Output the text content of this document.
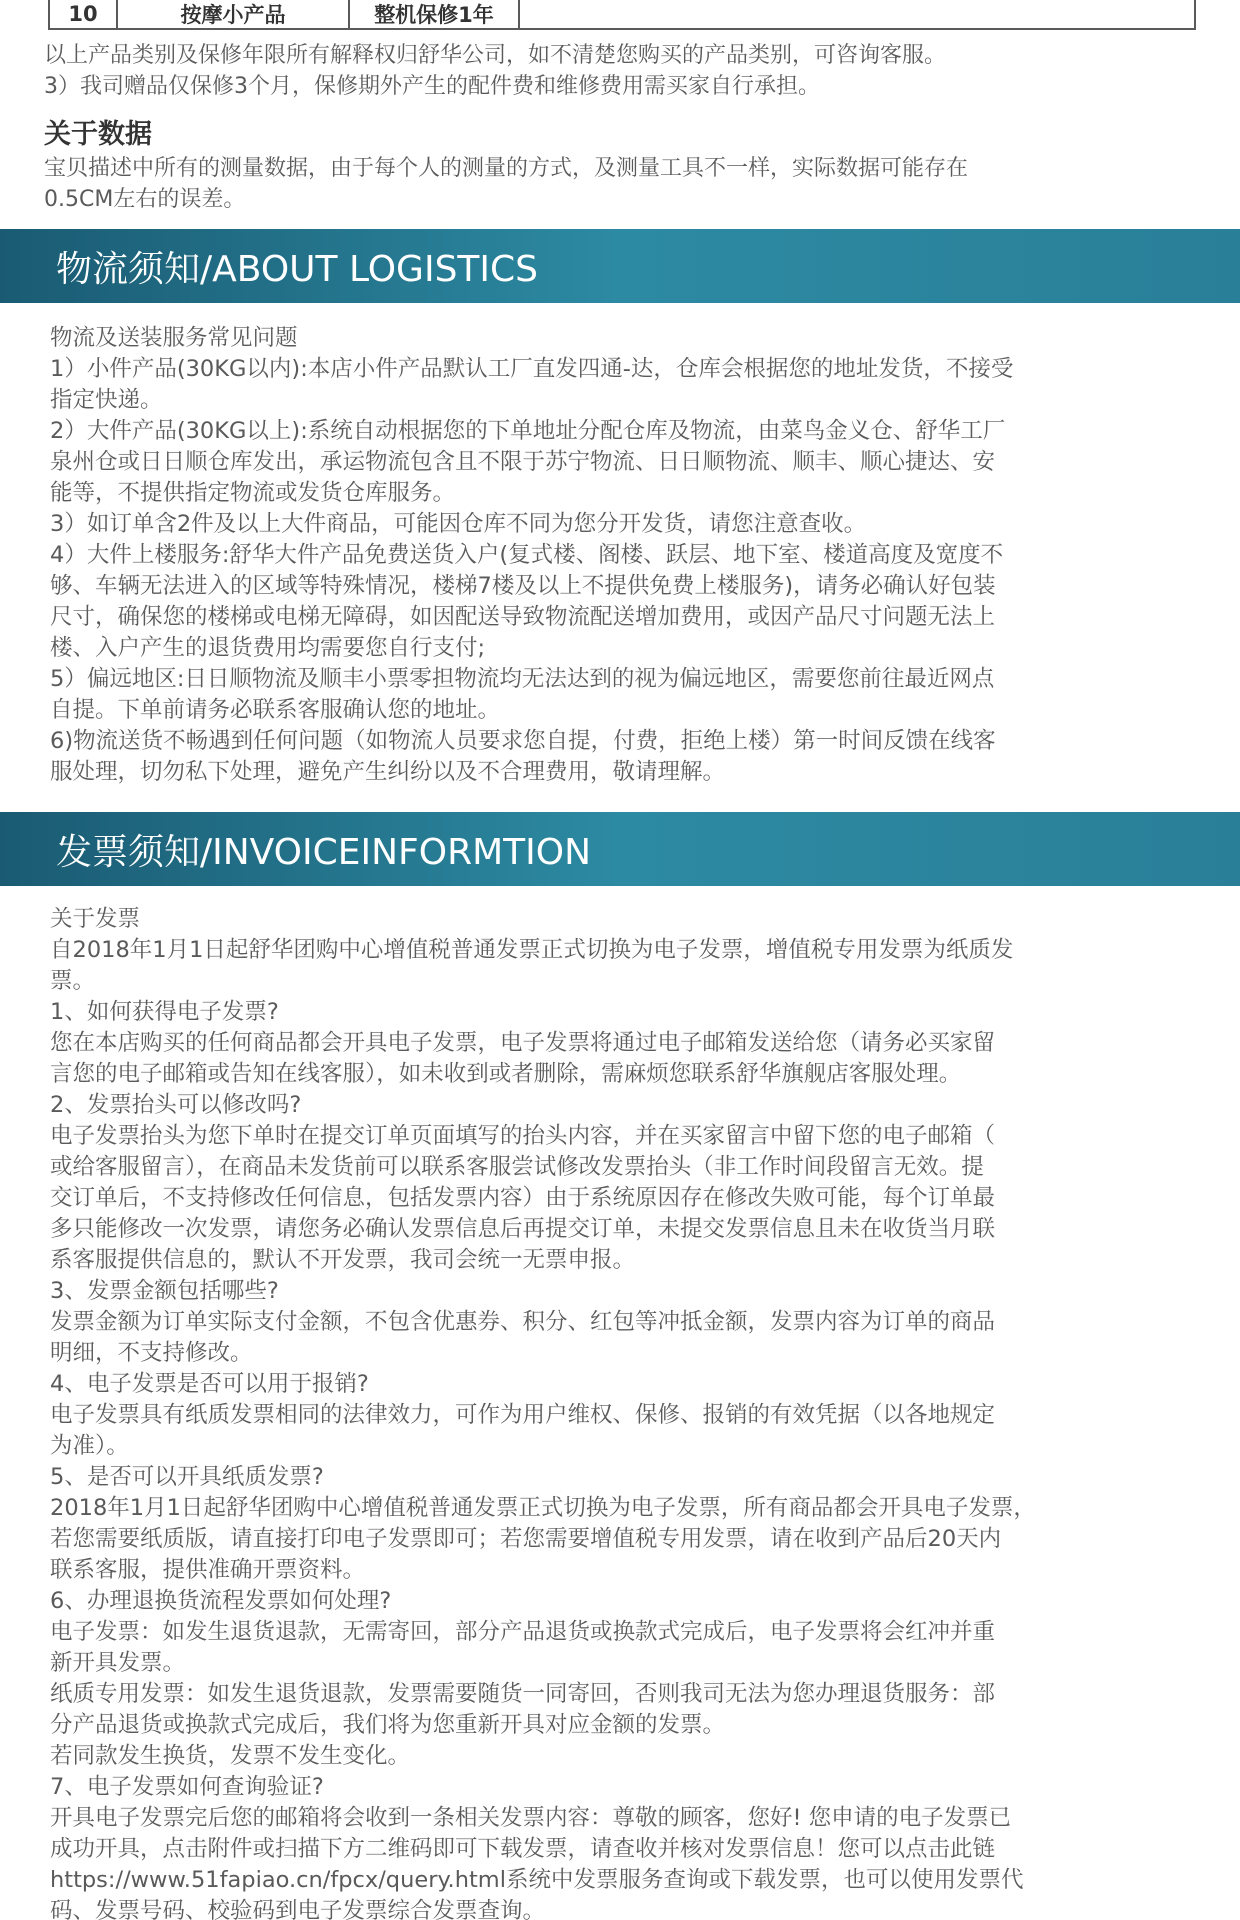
10	按摩小产品	整机保修1年
以上产品类别及保修年限所有解释权归舒华公司，如不清楚您购买的产品类别，可咨询客服。
3）我司赠品仅保修3个月，保修期外产生的配件费和维修费用需买家自行承担。
关于数据
宝贝描述中所有的测量数据，由于每个人的测量的方式，及测量工具不一样，实际数据可能存在
0.5CM左右的误差。
物流须知/ABOUT LOGISTICS
物流及送装服务常见问题
1）小件产品(30KG以内):本店小件产品默认工厂直发四通-达，仓库会根据您的地址发货，不接受
指定快递。
2）大件产品(30KG以上):系统自动根据您的下单地址分配仓库及物流，由菜鸟金义仓、舒华工厂
泉州仓或日日顺仓库发出，承运物流包含且不限于苏宁物流、日日顺物流、顺丰、顺心捷达、安
能等，不提供指定物流或发货仓库服务。
3）如订单含2件及以上大件商品，可能因仓库不同为您分开发货，请您注意查收。
4）大件上楼服务:舒华大件产品免费送货入户(复式楼、阁楼、跃层、地下室、楼道高度及宽度不
够、车辆无法进入的区域等特殊情况，楼梯7楼及以上不提供免费上楼服务)，请务必确认好包装
尺寸，确保您的楼梯或电梯无障碍，如因配送导致物流配送增加费用，或因产品尺寸问题无法上
楼、入户产生的退货费用均需要您自行支付;
5）偏远地区:日日顺物流及顺丰小票零担物流均无法达到的视为偏远地区，需要您前往最近网点
自提。下单前请务必联系客服确认您的地址。
6)物流送货不畅遇到任何问题（如物流人员要求您自提，付费，拒绝上楼）第一时间反馈在线客
服处理，切勿私下处理，避免产生纠纷以及不合理费用，敬请理解。
发票须知/INVOICEINFORMTION
关于发票
自2018年1月1日起舒华团购中心增值税普通发票正式切换为电子发票，增值税专用发票为纸质发
票。
1、如何获得电子发票?
您在本店购买的任何商品都会开具电子发票，电子发票将通过电子邮箱发送给您（请务必买家留
言您的电子邮箱或告知在线客服），如未收到或者删除，需麻烦您联系舒华旗舰店客服处理。
2、发票抬头可以修改吗?
电子发票抬头为您下单时在提交订单页面填写的抬头内容，并在买家留言中留下您的电子邮箱（
或给客服留言），在商品未发货前可以联系客服尝试修改发票抬头（非工作时间段留言无效。提
交订单后，不支持修改任何信息，包括发票内容）由于系统原因存在修改失败可能，每个订单最
多只能修改一次发票，请您务必确认发票信息后再提交订单，未提交发票信息且未在收货当月联
系客服提供信息的，默认不开发票，我司会统一无票申报。
3、发票金额包括哪些?
发票金额为订单实际支付金额，不包含优惠券、积分、红包等冲抵金额，发票内容为订单的商品
明细，不支持修改。
4、电子发票是否可以用于报销?
电子发票具有纸质发票相同的法律效力，可作为用户维权、保修、报销的有效凭据（以各地规定
为准）。
5、是否可以开具纸质发票?
2018年1月1日起舒华团购中心增值税普通发票正式切换为电子发票，所有商品都会开具电子发票，
若您需要纸质版，请直接打印电子发票即可；若您需要增值税专用发票，请在收到产品后20天内
联系客服，提供准确开票资料。
6、办理退换货流程发票如何处理?
电子发票：如发生退货退款，无需寄回，部分产品退货或换款式完成后，电子发票将会红冲并重
新开具发票。
纸质专用发票：如发生退货退款，发票需要随货一同寄回，否则我司无法为您办理退货服务：部
分产品退货或换款式完成后，我们将为您重新开具对应金额的发票。
若同款发生换货，发票不发生变化。
7、电子发票如何查询验证?
开具电子发票完后您的邮箱将会收到一条相关发票内容：尊敬的顾客，您好! 您申请的电子发票已
成功开具，点击附件或扫描下方二维码即可下载发票，请查收并核对发票信息！您可以点击此链
https://www.51fapiao.cn/fpcx/query.html系统中发票服务查询或下载发票，也可以使用发票代
码、发票号码、校验码到电子发票综合发票查询。
